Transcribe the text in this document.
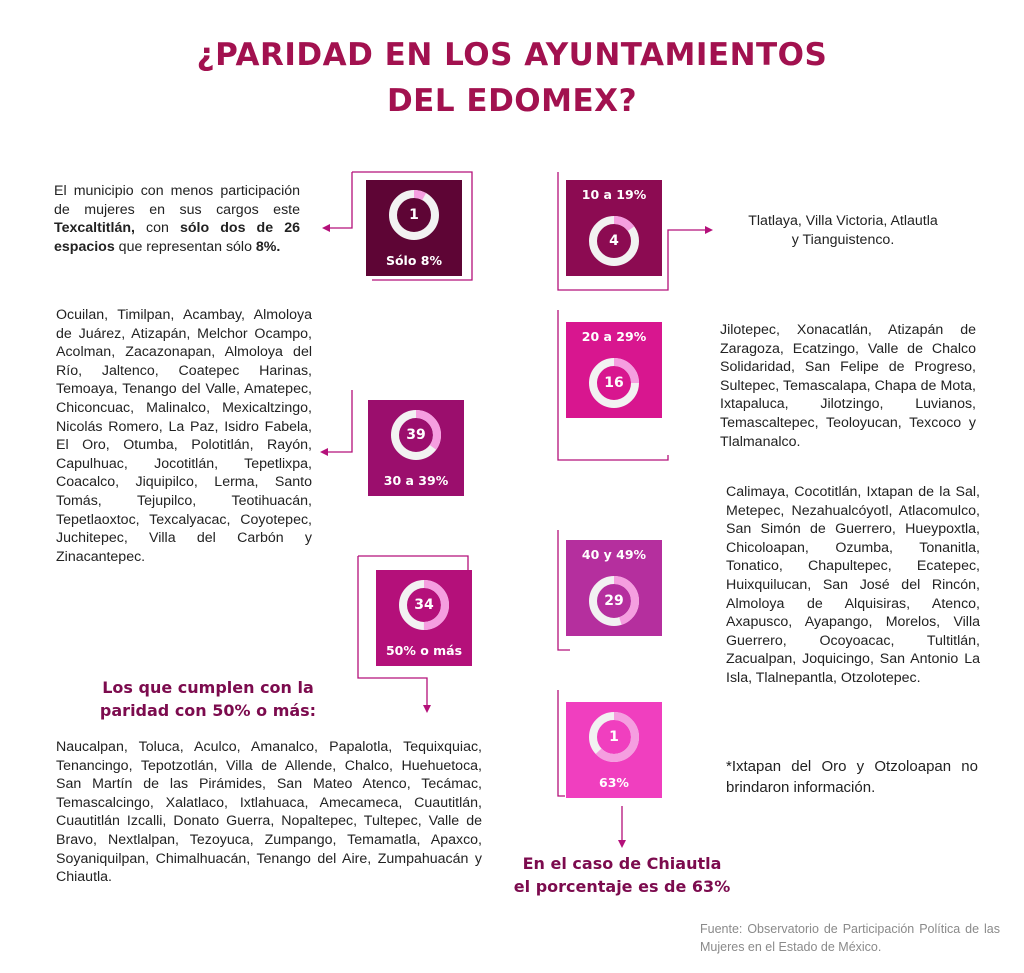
¿PARIDAD EN LOS AYUNTAMIENTOS
DEL EDOMEX?
El municipio con menos participación de mujeres en sus cargos este Texcaltitlán, con sólo dos de 26 espacios que representan sólo 8%.
1
Sólo 8%
10 a 19%
4
Tlatlaya, Villa Victoria, Atlautla y Tianguistenco.
Ocuilan, Timilpan, Acambay, Almoloya de Juárez, Atizapán, Melchor Ocampo, Acolman, Zacazonapan, Almoloya del Río, Jaltenco, Coatepec Harinas, Temoaya, Tenango del Valle, Amatepec, Chiconcuac, Malinalco, Mexicaltzingo, Nicolás Romero, La Paz, Isidro Fabela, El Oro, Otumba, Polotitlán, Rayón, Capulhuac, Jocotitlán, Tepetlixpa, Coacalco, Jiquipilco, Lerma, Santo Tomás, Tejupilco, Teotihuacán, Tepetlaoxtoc, Texcalyacac, Coyotepec, Juchitepec, Villa del Carbón y Zinacantepec.
20 a 29%
16
Jilotepec, Xonacatlán, Atizapán de Zaragoza, Ecatzingo, Valle de Chalco Solidaridad, San Felipe de Progreso, Sultepec, Temascalapa, Chapa de Mota, Ixtapaluca, Jilotzingo, Luvianos, Temascaltepec, Teoloyucan, Texcoco y Tlalmanalco.
39
30 a 39%
Calimaya, Cocotitlán, Ixtapan de la Sal, Metepec, Nezahualcóyotl, Atlacomulco, San Simón de Guerrero, Hueypoxtla, Chicoloapan, Ozumba, Tonanitla, Tonatico, Chapultepec, Ecatepec, Huixquilucan, San José del Rincón, Almoloya de Alquisiras, Atenco, Axapusco, Ayapango, Morelos, Villa Guerrero, Ocoyoacac, Tultitlán, Zacualpan, Joquicingo, San Antonio La Isla, Tlalnepantla, Otzolotepec.
40 y 49%
29
34
50% o más
Los que cumplen con la paridad con 50% o más:
1
63%
*Ixtapan del Oro y Otzoloapan no brindaron información.
Naucalpan, Toluca, Aculco, Amanalco, Papalotla, Tequixquiac, Tenancingo, Tepotzotlán, Villa de Allende, Chalco, Huehuetoca, San Martín de las Pirámides, San Mateo Atenco, Tecámac, Temascalcingo, Xalatlaco, Ixtlahuaca, Amecameca, Cuautitlán, Cuautitlán Izcalli, Donato Guerra, Nopaltepec, Tultepec, Valle de Bravo, Nextlalpan, Tezoyuca, Zumpango, Temamatla, Apaxco, Soyaniquilpan, Chimalhuacán, Tenango del Aire, Zumpahuacán y Chiautla.
En el caso de Chiautla el porcentaje es de 63%
Fuente: Observatorio de Participación Política de las Mujeres en el Estado de México.
